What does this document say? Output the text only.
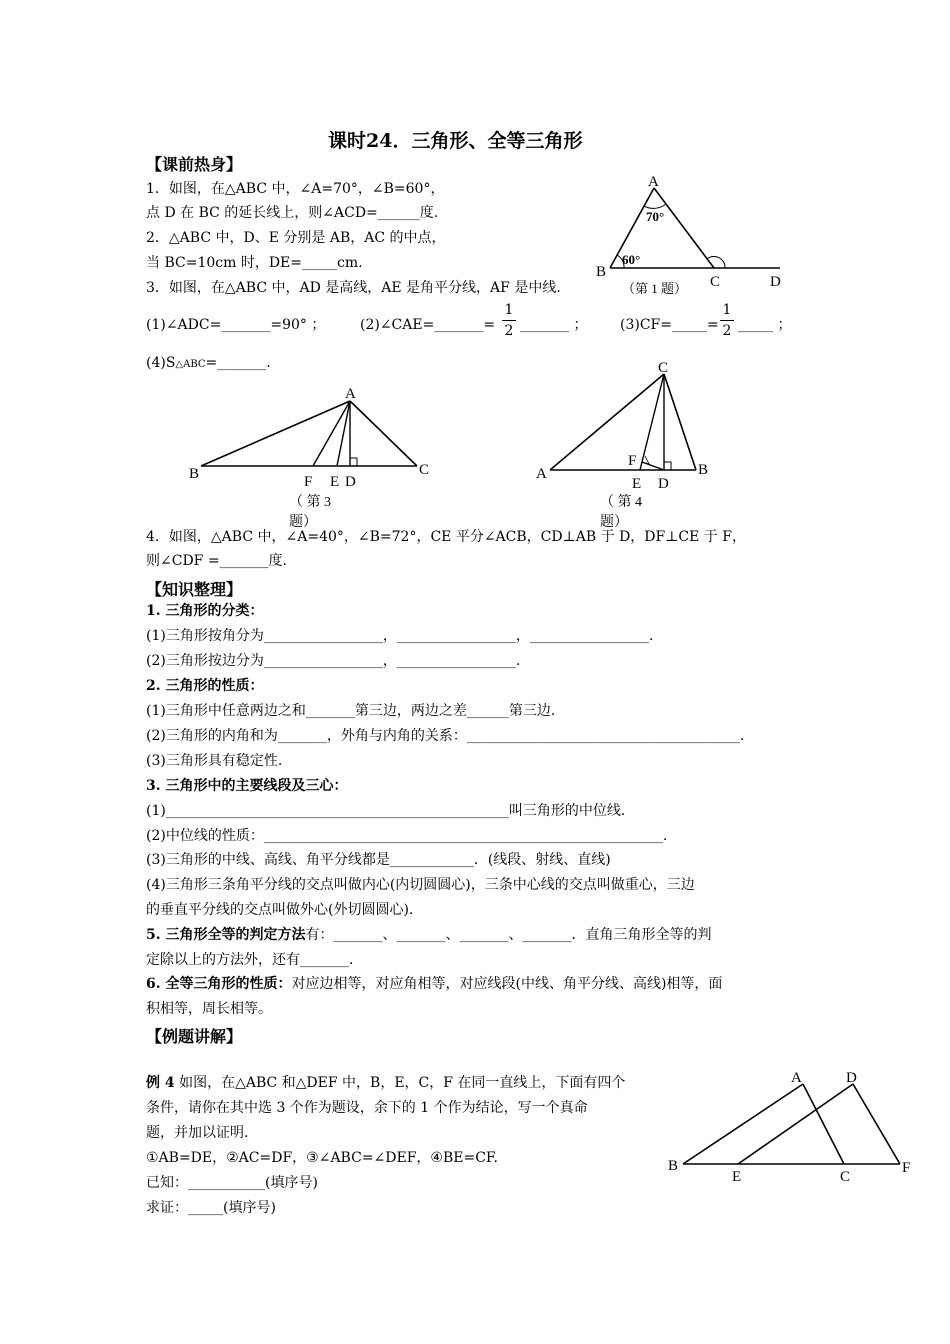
课时24．三角形、全等三角形
【课前热身】
1．如图，在△ABC 中，∠A=70°，∠B=60°，
点 D 在 BC 的延长线上，则∠ACD=______度.
2．△ABC 中，D、E 分别是 AB，AC 的中点，
当 BC=10cm 时，DE=_____cm.
3．如图，在△ABC 中，AD 是高线，AE 是角平分线，AF 是中线．
(1)∠ADC=_______=90° ； (2)∠CAE=_______=
1
2 _______ ； (3)CF=_____=
1
2 _____ ；
(4)S△ABC=_______.
A
70°
B
60°
C	D
（第 1 题）
A
B	C
F E D
（ 第 3
题）
C
A	B
F
E D
（ 第 4
题）
4．如图，△ABC 中，∠A=40°，∠B=72°，CE 平分∠ACB，CD⊥AB 于 D，DF⊥CE 于 F，
则∠CDF =_______度.
【知识整理】
1. 三角形的分类：
(1)三角形按角分为_________________，_________________，_________________.
(2)三角形按边分为_________________，_________________.
2. 三角形的性质：
(1)三角形中任意两边之和_______第三边，两边之差______第三边.
(2)三角形的内角和为_______，外角与内角的关系：_______________________________________.
(3)三角形具有稳定性.
3. 三角形中的主要线段及三心：
(1)_________________________________________________叫三角形的中位线.
(2)中位线的性质：_________________________________________________________.
(3)三角形的中线、高线、角平分线都是____________．(线段、射线、直线)
(4)三角形三条角平分线的交点叫做内心(内切圆圆心)，三条中心线的交点叫做重心，三边
的垂直平分线的交点叫做外心(外切圆圆心).
5. 三角形全等的判定方法有：_______、_______、_______、_______．直角三角形全等的判
定除以上的方法外，还有_______.
6. 全等三角形的性质：对应边相等，对应角相等，对应线段(中线、角平分线、高线)相等，面
积相等，周长相等。
【例题讲解】
例 4 如图，在△ABC 和△DEF 中，B，E，C，F 在同一直线上，下面有四个
条件，请你在其中选 3 个作为题设，余下的 1 个作为结论，写一个真命
题，并加以证明.
①AB=DE，②AC=DF，③∠ABC=∠DEF，④BE=CF.
已知：___________(填序号)
求证：_____(填序号)
A	D
B
E	C
F
